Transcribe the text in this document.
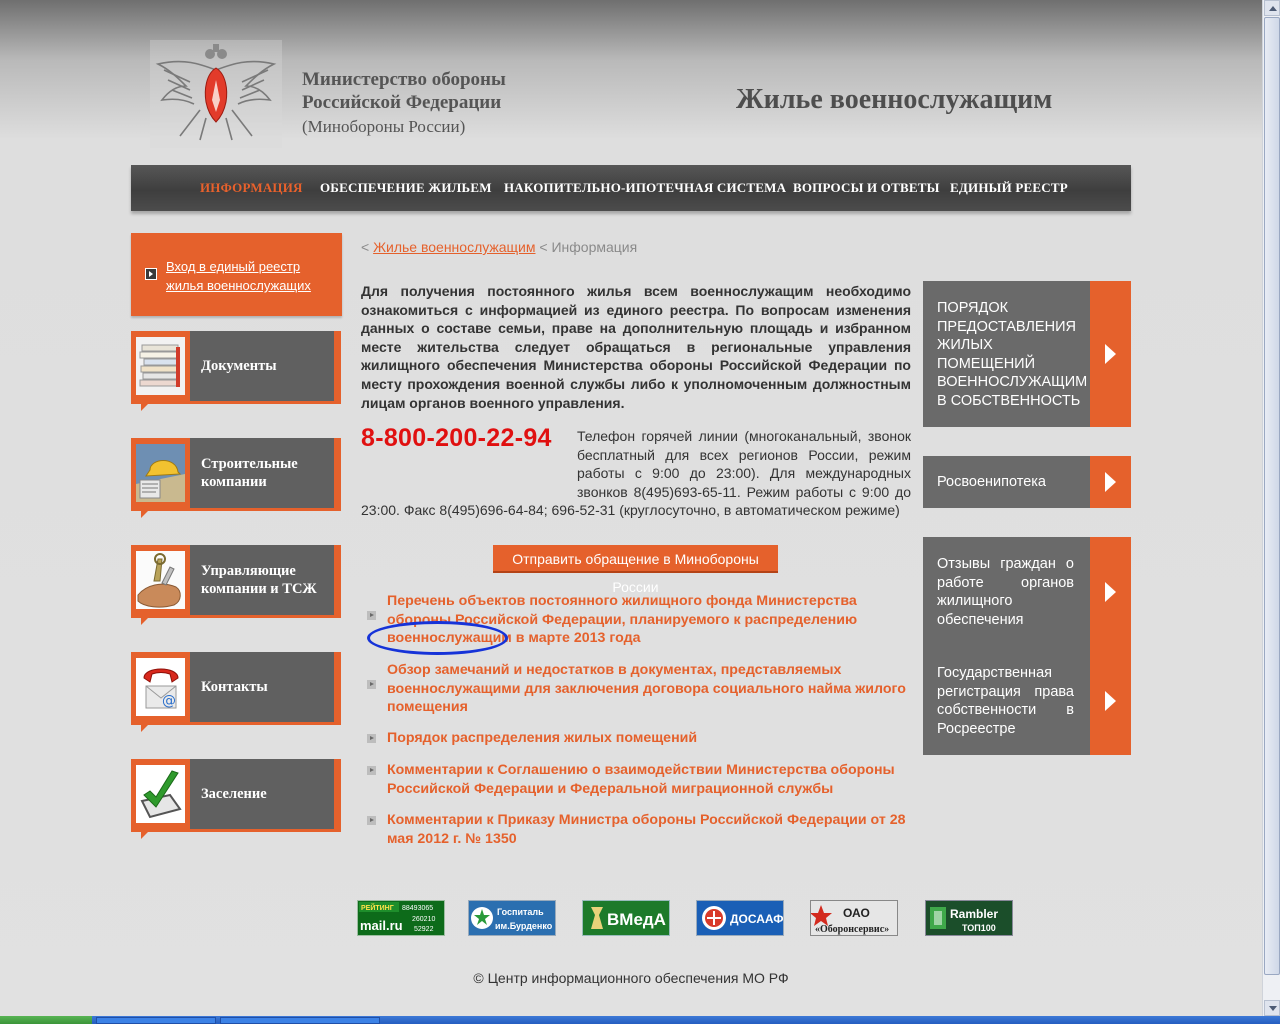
Министерство обороны
Российской Федерации
(Минобороны России)
Жилье военнослужащим
ИНФОРМАЦИЯ ОБЕСПЕЧЕНИЕ ЖИЛЬЕМ НАКОПИТЕЛЬНО-ИПОТЕЧНАЯ СИСТЕМА ВОПРОСЫ И ОТВЕТЫ ЕДИНЫЙ РЕЕСТР
Вход в единый реестр жилья военнослужащих
Документы
Строительные компании
Управляющие компании и ТСЖ
@
Контакты
Заселение
< Жилье военнослужащим < Информация
Для получения постоянного жилья всем военнослужащим необходимо ознакомиться с информацией из единого реестра. По вопросам изменения данных о составе семьи, праве на дополнительную площадь и избранном месте жительства следует обращаться в региональные управления жилищного обеспечения Министерства обороны Российской Федерации по месту прохождения военной службы либо к уполномоченным должностным лицам органов военного управления.
8-800-200-22-94	Телефон горячей линии (многоканальный, звонок бесплатный для всех регионов России, режим работы с 9:00 до 23:00). Для международных звонков 8(495)693-65-11. Режим работы с 9:00 до 23:00. Факс 8(495)696-64-84; 696-52-31 (круглосуточно, в автоматическом режиме)
Отправить обращение в Минобороны России
Перечень объектов постоянного жилищного фонда Министерства обороны Российской Федерации, планируемого к распределению военнослужащим в марте 2013 года
Обзор замечаний и недостатков в документах, представляемых военнослужащими для заключения договора социального найма жилого помещения
Порядок распределения жилых помещений
Комментарии к Соглашению о взаимодействии Министерства обороны Российской Федерации и Федеральной миграционной службы
Комментарии к Приказу Министра обороны Российской Федерации от 28 мая 2012 г. № 1350
ПОРЯДОК ПРЕДОСТАВЛЕНИЯ ЖИЛЫХ ПОМЕЩЕНИЙ ВОЕННОСЛУЖАЩИМ В СОБСТВЕННОСТЬ
Росвоенипотека
Отзывы граждан о работе органов жилищного обеспечения
Государственная регистрация права собственности в Росреестре
РЕЙТИНГ 88493065
mail.ru 260210
52922
Госпиталь
им.Бурденко	ВМедА	ДОСААФ	ОАО
«Оборонсервис»
Rambler
ТОП100
© Центр информационного обеспечения МО РФ
